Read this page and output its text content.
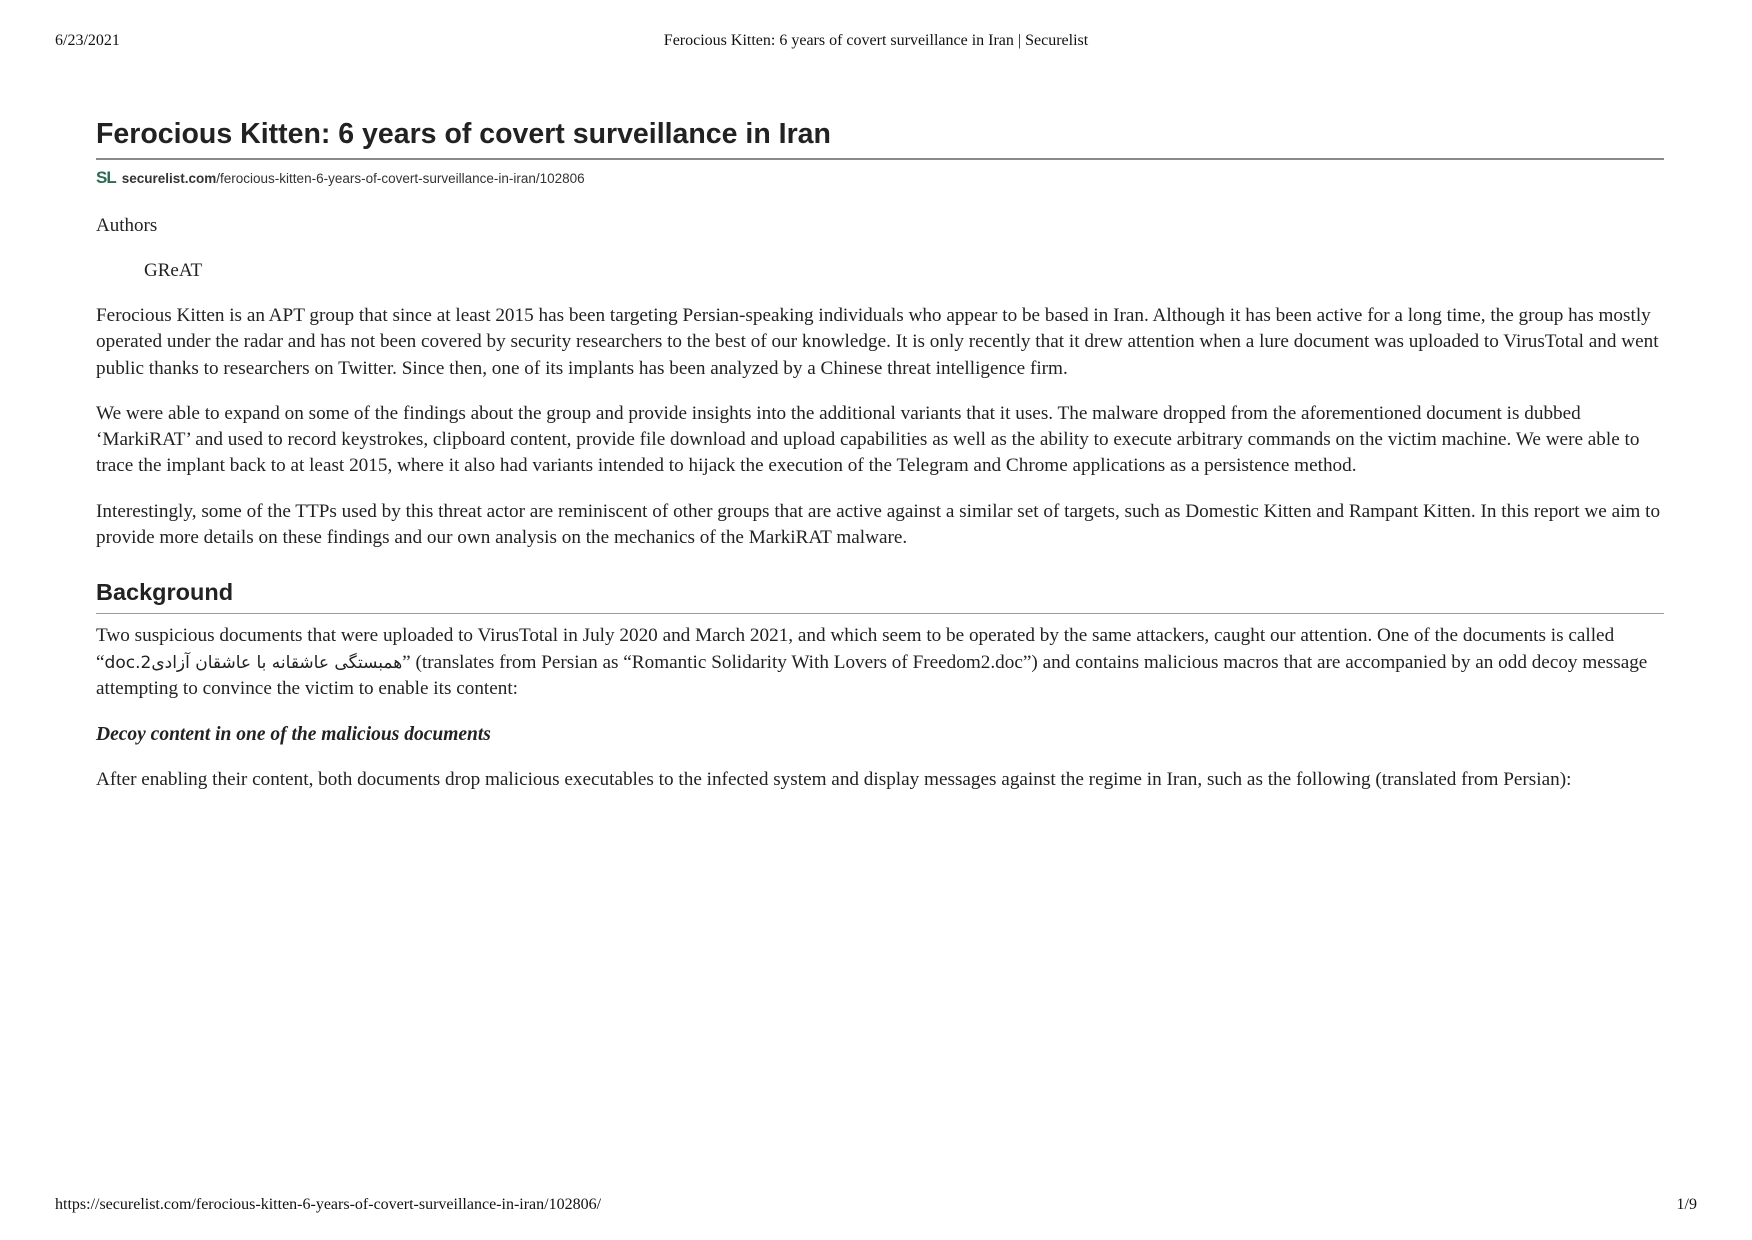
6/23/2021	Ferocious Kitten: 6 years of covert surveillance in Iran | Securelist
Ferocious Kitten: 6 years of covert surveillance in Iran
SL securelist.com /ferocious-kitten-6-years-of-covert-surveillance-in-iran/102806
Authors
GReAT

Ferocious Kitten is an APT group that since at least 2015 has been targeting Persian-speaking individuals who appear to be based in Iran. Although it has been active for a long time, the group has mostly operated under the radar and has not been covered by security researchers to the best of our knowledge. It is only recently that it drew attention when a lure document was uploaded to VirusTotal and went public thanks to researchers on Twitter. Since then, one of its implants has been analyzed by a Chinese threat intelligence firm.

We were able to expand on some of the findings about the group and provide insights into the additional variants that it uses. The malware dropped from the aforementioned document is dubbed ‘MarkiRAT’ and used to record keystrokes, clipboard content, provide file download and upload capabilities as well as the ability to execute arbitrary commands on the victim machine. We were able to trace the implant back to at least 2015, where it also had variants intended to hijack the execution of the Telegram and Chrome applications as a persistence method.

Interestingly, some of the TTPs used by this threat actor are reminiscent of other groups that are active against a similar set of targets, such as Domestic Kitten and Rampant Kitten. In this report we aim to provide more details on these findings and our own analysis on the mechanics of the MarkiRAT malware.

Background

Two suspicious documents that were uploaded to VirusTotal in July 2020 and March 2021, and which seem to be operated by the same attackers, caught our attention. One of the documents is called “همبستگی عاشقانه با عاشقان آزادی2.doc” (translates from Persian as “Romantic Solidarity With Lovers of Freedom2.doc”) and contains malicious macros that are accompanied by an odd decoy message attempting to convince the victim to enable its content:

Decoy content in one of the malicious documents

After enabling their content, both documents drop malicious executables to the infected system and display messages against the regime in Iran, such as the following (translated from Persian):

https://securelist.com/ferocious-kitten-6-years-of-covert-surveillance-in-iran/102806/	1/9
